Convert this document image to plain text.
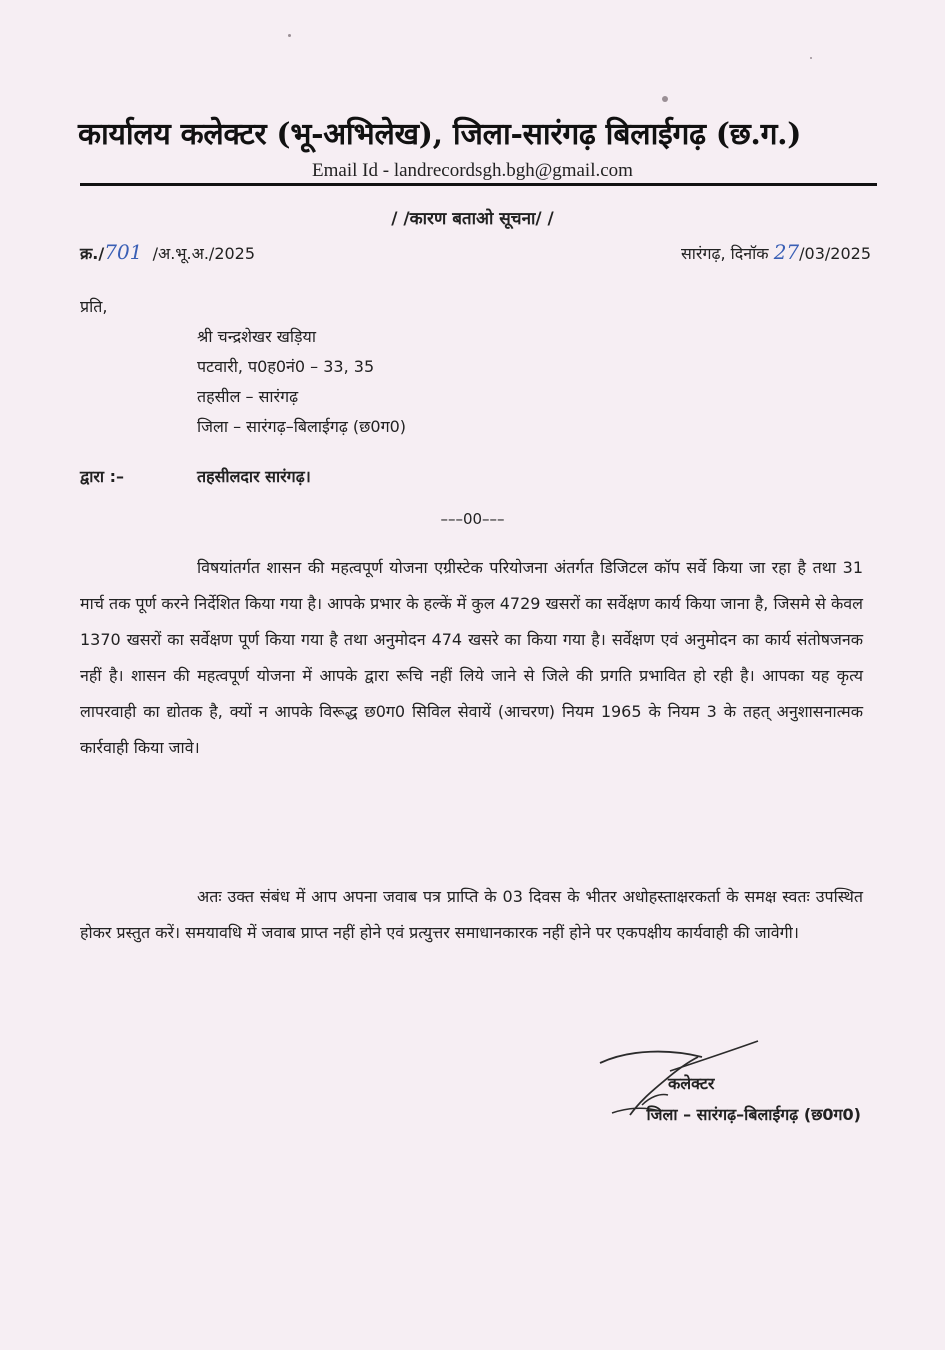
कार्यालय कलेक्टर (भू-अभिलेख), जिला-सारंगढ़ बिलाईगढ़ (छ.ग.)
Email Id - landrecordsgh.bgh@gmail.com
/ /कारण बताओ सूचना/ /
क्र./701 /अ.भू.अ./2025	सारंगढ़, दिनॉक 27/03/2025
प्रति,
श्री चन्द्रशेखर खड़िया
पटवारी, प0ह0नं0 – 33, 35
तहसील – सारंगढ़
जिला – सारंगढ़–बिलाईगढ़ (छ0ग0)
द्वारा :–	तहसीलदार सारंगढ़।
–––00–––

विषयांतर्गत शासन की महत्वपूर्ण योजना एग्रीस्टेक परियोजना अंतर्गत डिजिटल कॉप सर्वे किया जा रहा है तथा 31 मार्च तक पूर्ण करने निर्देशित किया गया है। आपके प्रभार के हल्कें में कुल 4729 खसरों का सर्वेक्षण कार्य किया जाना है, जिसमे से केवल 1370 खसरों का सर्वेक्षण पूर्ण किया गया है तथा अनुमोदन 474 खसरे का किया गया है। सर्वेक्षण एवं अनुमोदन का कार्य संतोषजनक नहीं है। शासन की महत्वपूर्ण योजना में आपके द्वारा रूचि नहीं लिये जाने से जिले की प्रगति प्रभावित हो रही है। आपका यह कृत्य लापरवाही का द्योतक है, क्यों न आपके विरूद्ध छ0ग0 सिविल सेवायें (आचरण) नियम 1965 के नियम 3 के तहत् अनुशासनात्मक कार्रवाही किया जावे।

अतः उक्त संबंध में आप अपना जवाब पत्र प्राप्ति के 03 दिवस के भीतर अधोहस्ताक्षरकर्ता के समक्ष स्वतः उपस्थित होकर प्रस्तुत करें। समयावधि में जवाब प्राप्त नहीं होने एवं प्रत्युत्तर समाधानकारक नहीं होने पर एकपक्षीय कार्यवाही की जावेगी।

कलेक्टर
जिला – सारंगढ़–बिलाईगढ़ (छ0ग0)
